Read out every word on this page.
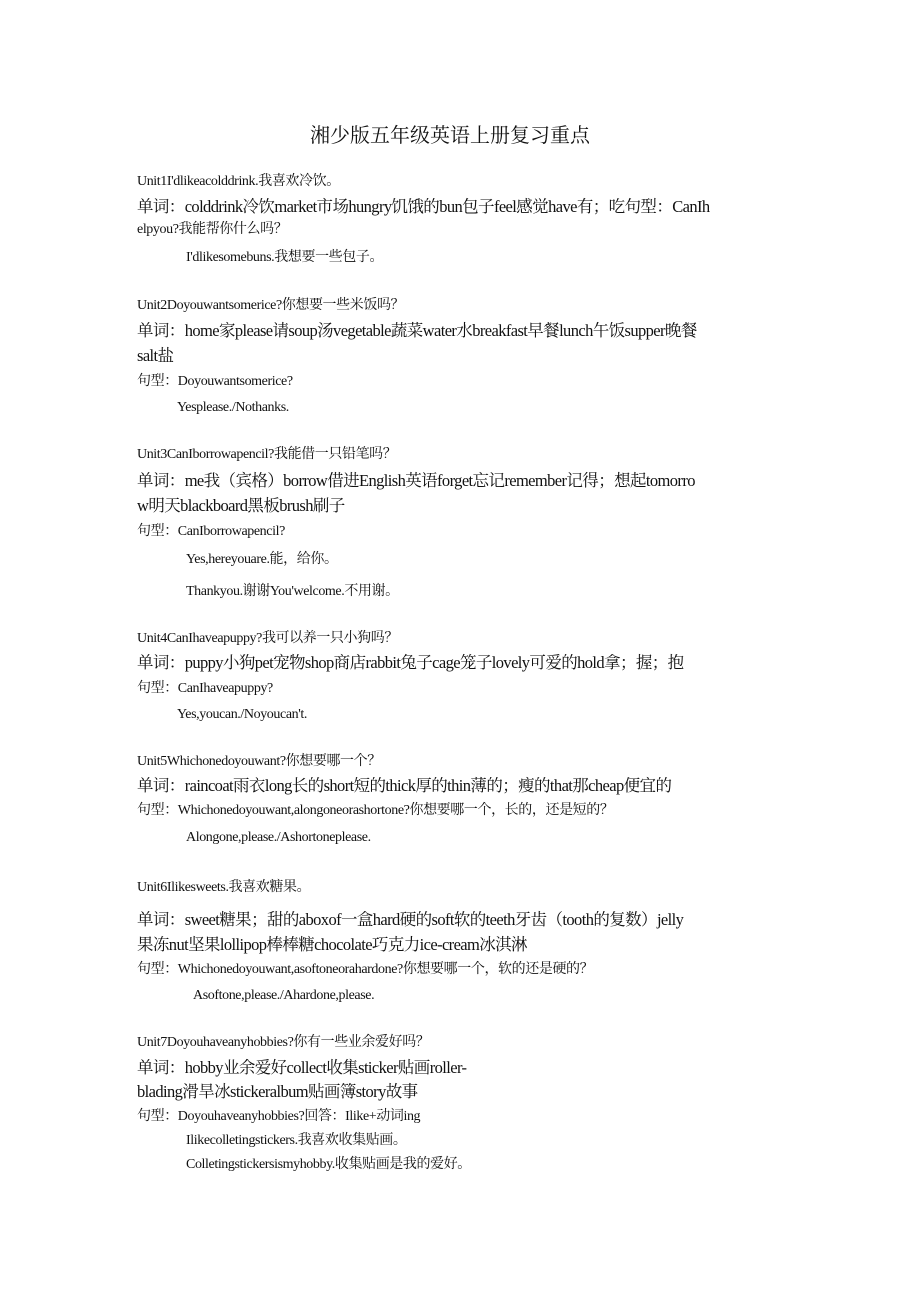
湘少版五年级英语上册复习重点
Unit1I'dlikeacolddrink.我喜欢冷饮。
单词：colddrink冷饮market市场hungry饥饿的bun包子feel感觉have有；吃句型：CanIh
elpyou?我能帮你什么吗？
I'dlikesomebuns.我想要一些包子。
Unit2Doyouwantsomerice?你想要一些米饭吗？
单词：home家please请soup汤vegetable蔬菜water水breakfast早餐lunch午饭supper晚餐
salt盐
句型：Doyouwantsomerice?
Yesplease./Nothanks.
Unit3CanIborrowapencil?我能借一只铅笔吗？
单词：me我（宾格）borrow借进English英语forget忘记remember记得；想起tomorro
w明天blackboard黑板brush刷子
句型：CanIborrowapencil?
Yes,hereyouare.能，给你。
Thankyou.谢谢You'welcome.不用谢。
Unit4CanIhaveapuppy?我可以养一只小狗吗？
单词：puppy小狗pet宠物shop商店rabbit兔子cage笼子lovely可爱的hold拿；握；抱
句型：CanIhaveapuppy?
Yes,youcan./Noyoucan't.
Unit5Whichonedoyouwant?你想要哪一个？
单词：raincoat雨衣long长的short短的thick厚的thin薄的；瘦的that那cheap便宜的
句型：Whichonedoyouwant,alongoneorashortone?你想要哪一个，长的，还是短的？
Alongone,please./Ashortoneplease.
Unit6Ilikesweets.我喜欢糖果。
单词：sweet糖果；甜的aboxof一盒hard硬的soft软的teeth牙齿（tooth的复数）jelly
果冻nut坚果lollipop棒棒糖chocolate巧克力ice-cream冰淇淋
句型：Whichonedoyouwant,asoftoneorahardone?你想要哪一个，软的还是硬的？
Asoftone,please./Ahardone,please.
Unit7Doyouhaveanyhobbies?你有一些业余爱好吗？
单词：hobby业余爱好collect收集sticker贴画roller-
blading滑旱冰stickeralbum贴画簿story故事
句型：Doyouhaveanyhobbies?回答：Ilike+动词ing
Ilikecolletingstickers.我喜欢收集贴画。
Colletingstickersismyhobby.收集贴画是我的爱好。
